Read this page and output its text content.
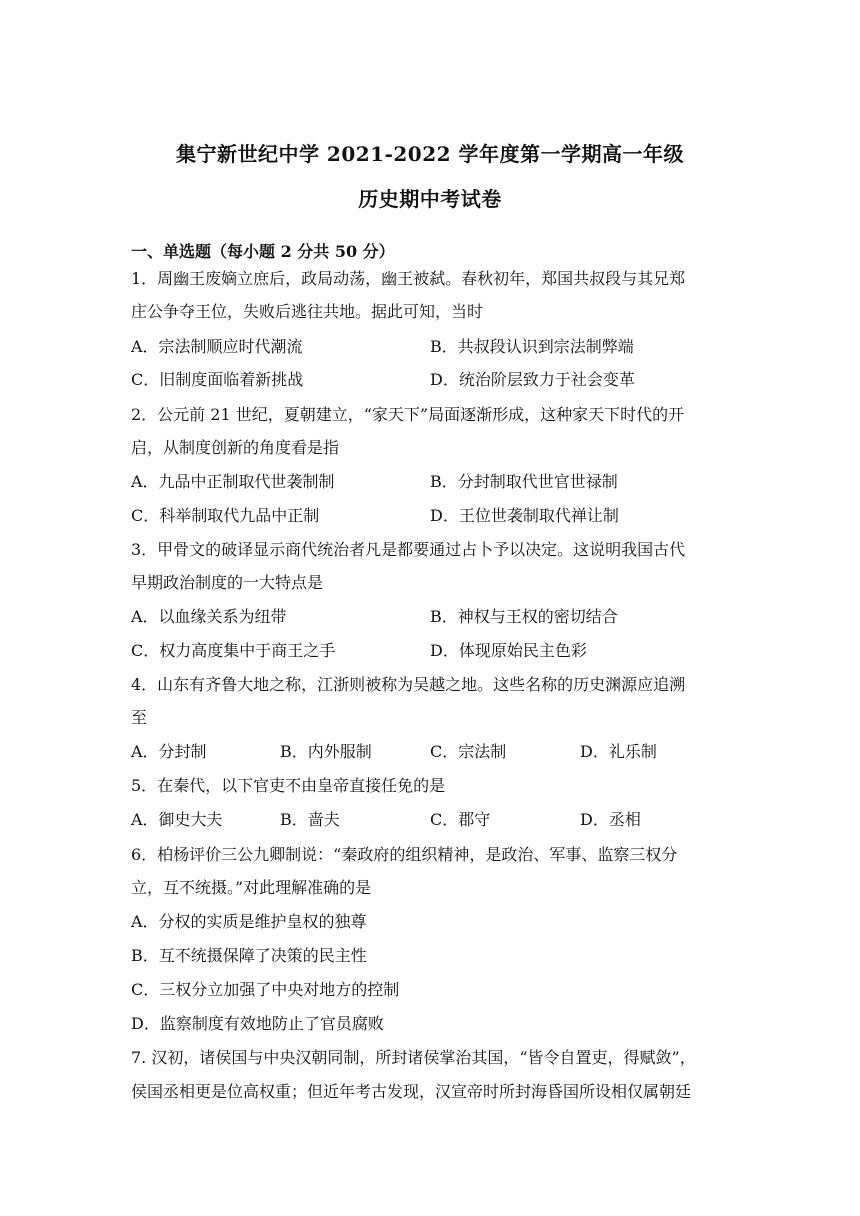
集宁新世纪中学 2021-2022 学年度第一学期高一年级
历史期中考试卷
一、单选题（每小题 2 分共 50 分）
1．周幽王废嫡立庶后，政局动荡，幽王被弑。春秋初年，郑国共叔段与其兄郑
庄公争夺王位，失败后逃往共地。据此可知，当时
A．宗法制顺应时代潮流	B．共叔段认识到宗法制弊端
C．旧制度面临着新挑战	D．统治阶层致力于社会变革
2．公元前 21 世纪，夏朝建立，“家天下”局面逐渐形成，这种家天下时代的开
启，从制度创新的角度看是指
A．九品中正制取代世袭制制	B．分封制取代世官世禄制
C．科举制取代九品中正制	D．王位世袭制取代禅让制
3．甲骨文的破译显示商代统治者凡是都要通过占卜予以决定。这说明我国古代
早期政治制度的一大特点是
A．以血缘关系为纽带	B．神权与王权的密切结合
C．权力高度集中于商王之手	D．体现原始民主色彩
4．山东有齐鲁大地之称，江浙则被称为吴越之地。这些名称的历史渊源应追溯
至
A．分封制	B．内外服制	C．宗法制	D．礼乐制
5．在秦代，以下官吏不由皇帝直接任免的是
A．御史大夫	B．啬夫	C．郡守	D．丞相
6．柏杨评价三公九卿制说：“秦政府的组织精神，是政治、军事、监察三权分
立，互不统摄。”对此理解准确的是
A．分权的实质是维护皇权的独尊
B．互不统摄保障了决策的民主性
C．三权分立加强了中央对地方的控制
D．监察制度有效地防止了官员腐败
7. 汉初，诸侯国与中央汉朝同制，所封诸侯掌治其国，“皆令自置吏，得赋敛”，
侯国丞相更是位高权重；但近年考古发现，汉宣帝时所封海昏国所设相仅属朝廷
